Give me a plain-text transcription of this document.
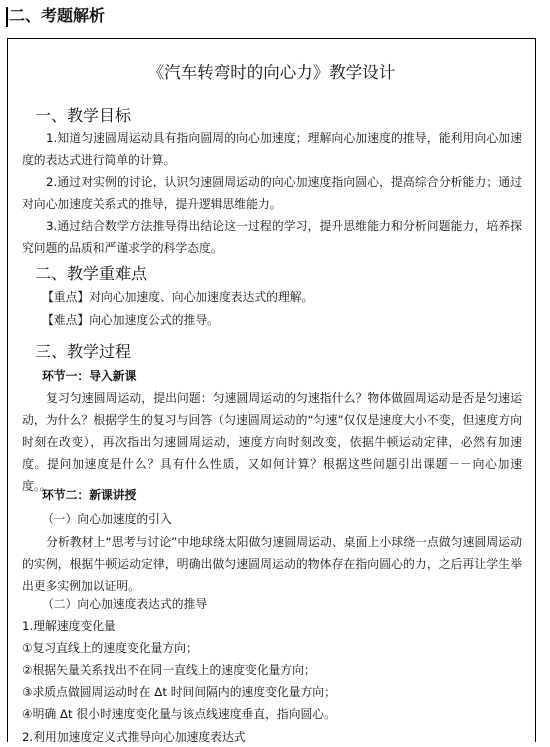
二、考题解析
《汽车转弯时的向心力》教学设计
一、教学目标
1.知道匀速圆周运动具有指向圆周的向心加速度；理解向心加速度的推导，能利用向心加速度的表达式进行简单的计算。
2.通过对实例的讨论，认识匀速圆周运动的向心加速度指向圆心，提高综合分析能力；通过对向心加速度关系式的推导，提升逻辑思维能力。
3.通过结合数学方法推导得出结论这一过程的学习，提升思维能力和分析问题能力，培养探究问题的品质和严谨求学的科学态度。
二、教学重难点
【重点】对向心加速度、向心加速度表达式的理解。
【难点】向心加速度公式的推导。
三、教学过程
环节一：导入新课
复习匀速圆周运动，提出问题：匀速圆周运动的匀速指什么？物体做圆周运动是否是匀速运动，为什么？根据学生的复习与回答（匀速圆周运动的“匀速”仅仅是速度大小不变，但速度方向时刻在改变），再次指出匀速圆周运动，速度方向时刻改变，依据牛顿运动定律，必然有加速度。提问加速度是什么？具有什么性质，又如何计算？根据这些问题引出课题－－向心加速度。。
环节二：新课讲授
（一）向心加速度的引入
分析教材上“思考与讨论”中地球绕太阳做匀速圆周运动、桌面上小球绕一点做匀速圆周运动的实例，根据牛顿运动定律，明确出做匀速圆周运动的物体存在指向圆心的力，之后再让学生举出更多实例加以证明。
（二）向心加速度表达式的推导
1.理解速度变化量
①复习直线上的速度变化量方向；
②根据矢量关系找出不在同一直线上的速度变化量方向；
③求质点做圆周运动时在 Δt 时间间隔内的速度变化量方向；
④明确 Δt 很小时速度变化量与该点线速度垂直，指向圆心。
2.利用加速度定义式推导向心加速度表达式
